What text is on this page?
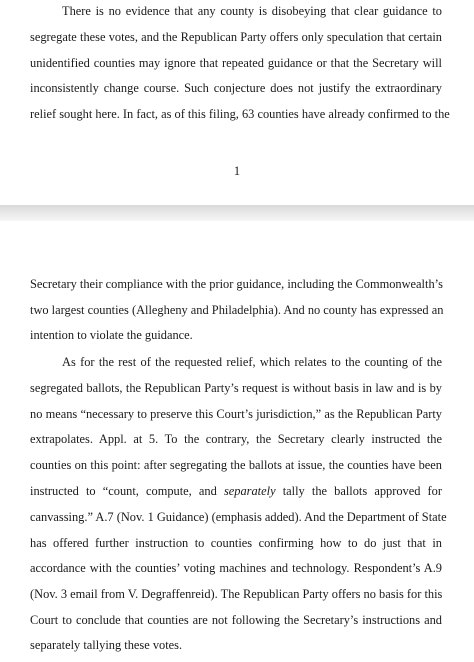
There is no evidence that any county is disobeying that clear guidance to
segregate these votes, and the Republican Party offers only speculation that certain
unidentified counties may ignore that repeated guidance or that the Secretary will
inconsistently change course. Such conjecture does not justify the extraordinary
relief sought here. In fact, as of this filing, 63 counties have already confirmed to the
1
Secretary their compliance with the prior guidance, including the Commonwealth’s
two largest counties (Allegheny and Philadelphia). And no county has expressed an
intention to violate the guidance.
As for the rest of the requested relief, which relates to the counting of the
segregated ballots, the Republican Party’s request is without basis in law and is by
no means “necessary to preserve this Court’s jurisdiction,” as the Republican Party
extrapolates. Appl. at 5. To the contrary, the Secretary clearly instructed the
counties on this point: after segregating the ballots at issue, the counties have been
instructed to “count, compute, and separately tally the ballots approved for
canvassing.” A.7 (Nov. 1 Guidance) (emphasis added). And the Department of State
has offered further instruction to counties confirming how to do just that in
accordance with the counties’ voting machines and technology. Respondent’s A.9
(Nov. 3 email from V. Degraffenreid). The Republican Party offers no basis for this
Court to conclude that counties are not following the Secretary’s instructions and
separately tallying these votes.
